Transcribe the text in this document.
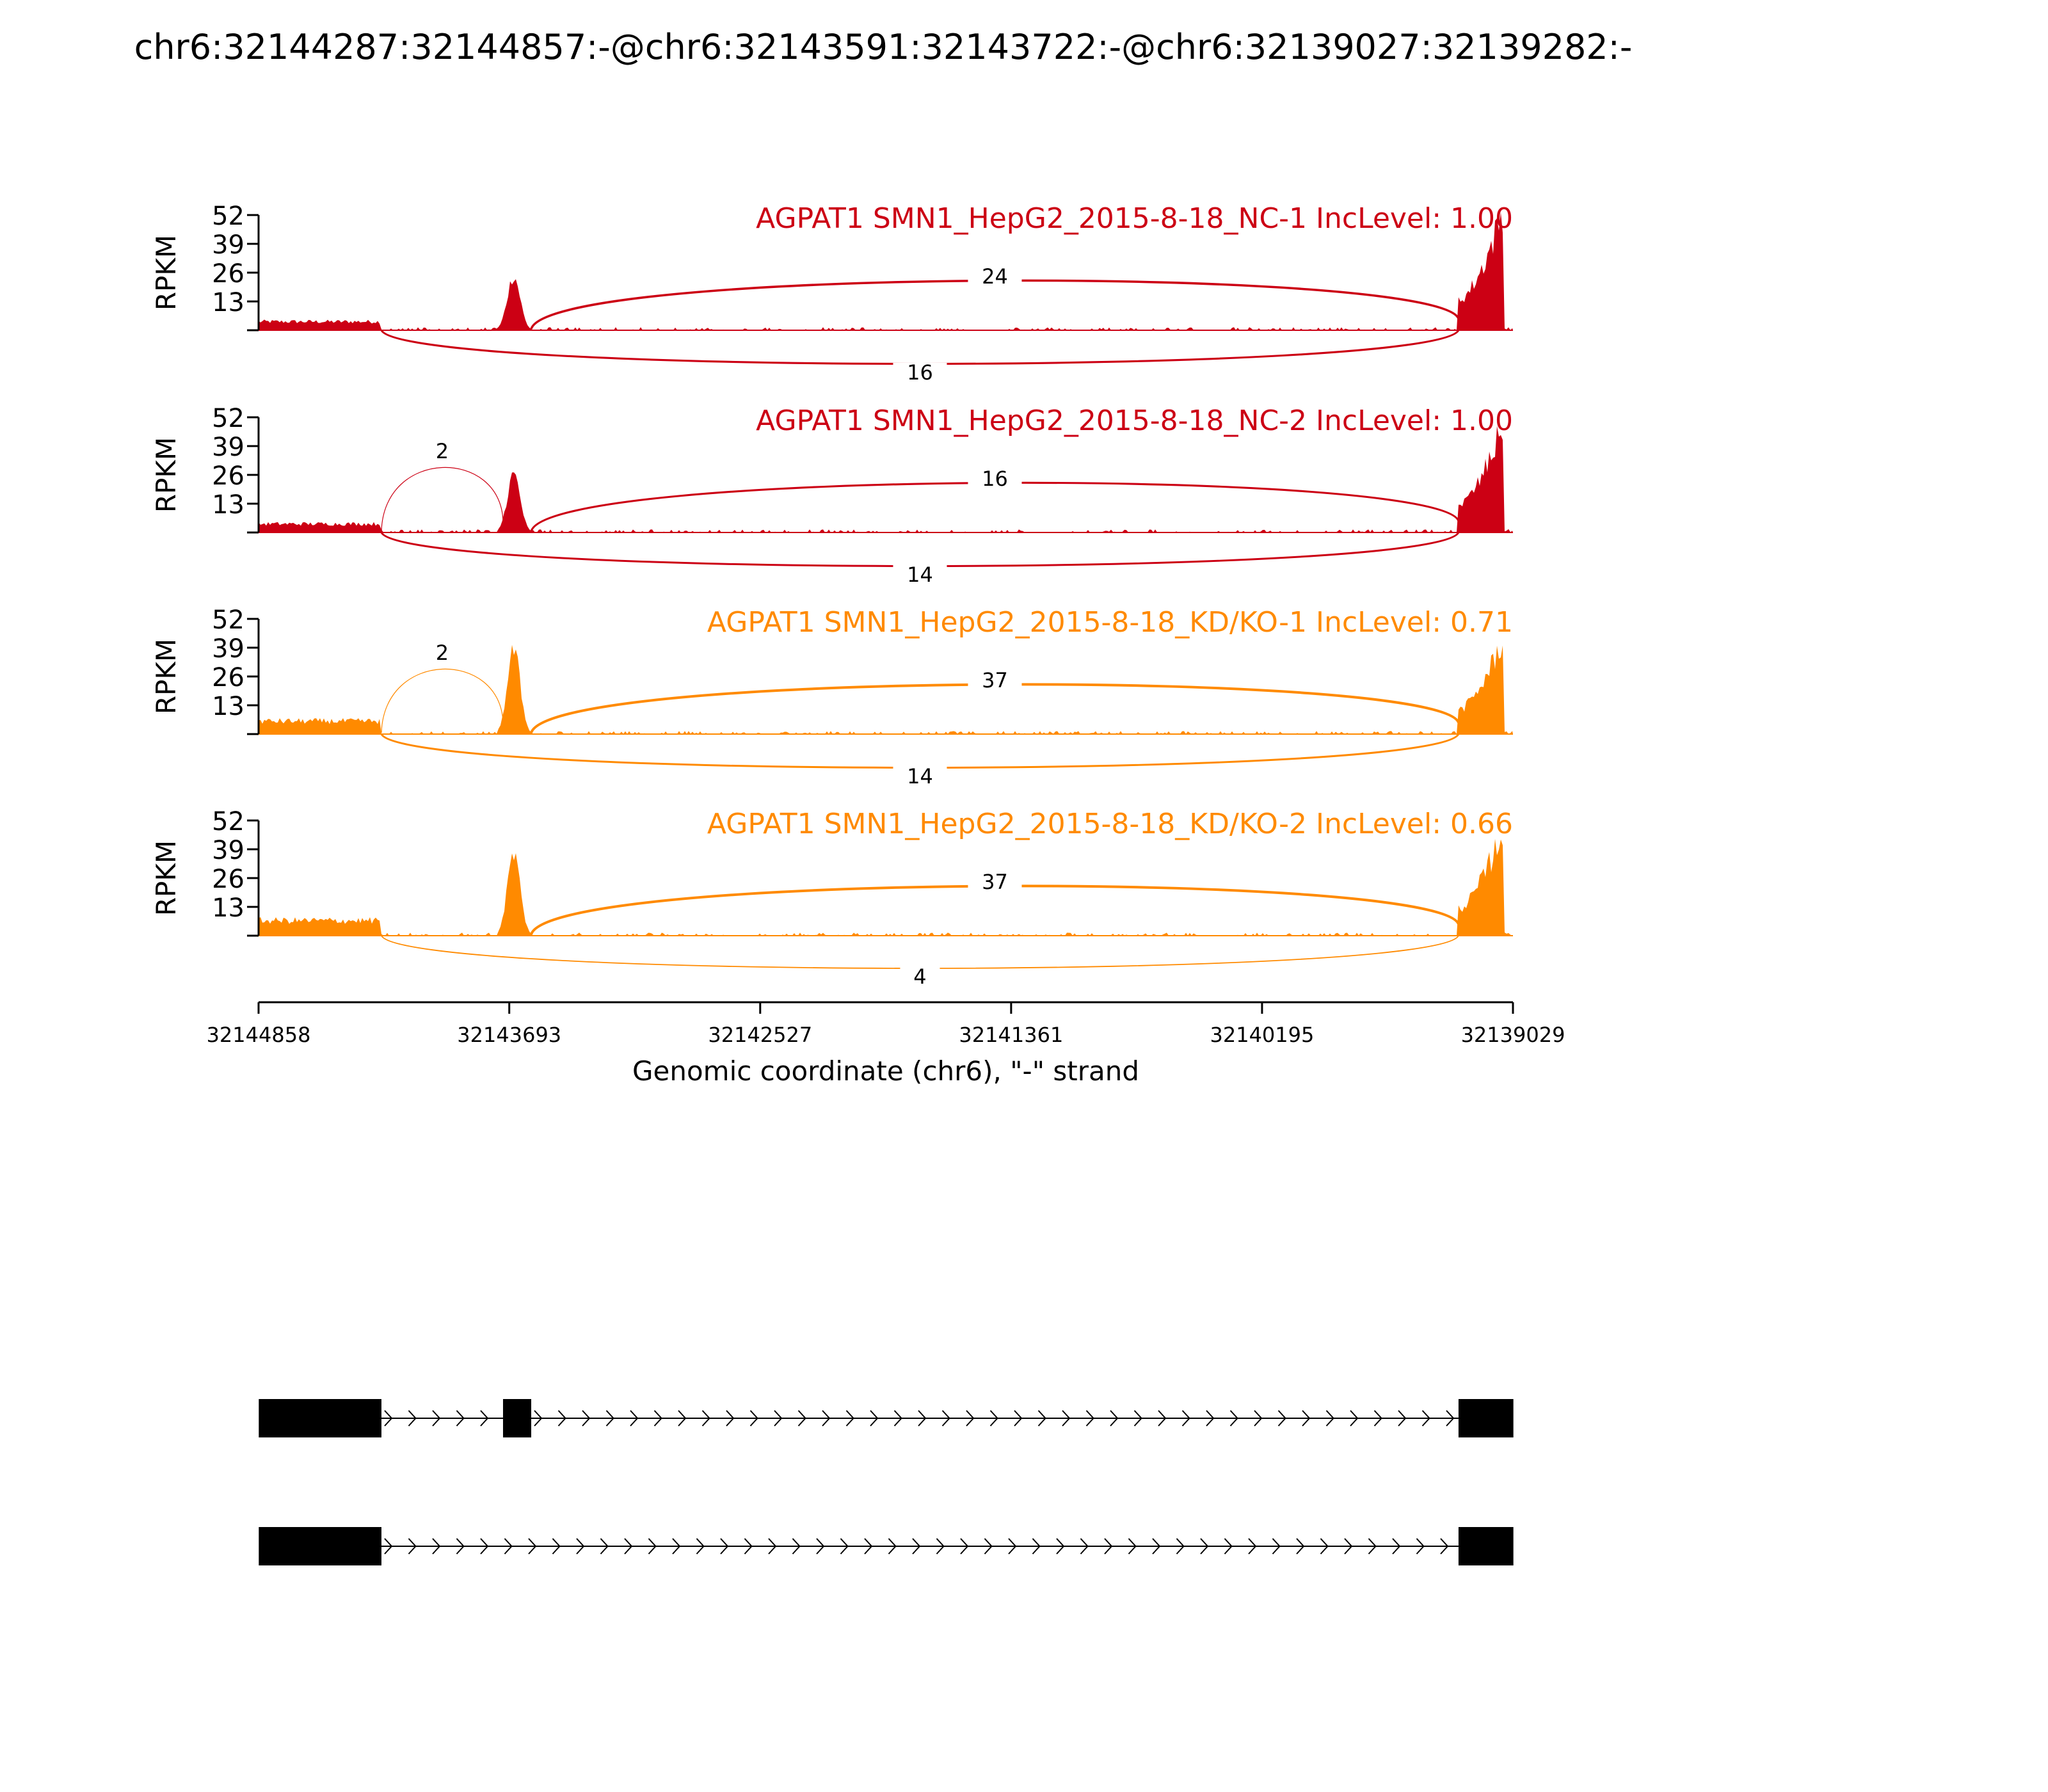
chr6:32144287:32144857:-@chr6:32143591:32143722:-@chr6:32139027:32139282:-
13
26
39
52
RPKM
AGPAT1 SMN1_HepG2_2015-8-18_NC-1 IncLevel: 1.00
24
16
13
26
39
52
RPKM
AGPAT1 SMN1_HepG2_2015-8-18_NC-2 IncLevel: 1.00
2
16
14
13
26
39
52
RPKM
AGPAT1 SMN1_HepG2_2015-8-18_KD/KO-1 IncLevel: 0.71
2
37
14
13
26
39
52
RPKM
AGPAT1 SMN1_HepG2_2015-8-18_KD/KO-2 IncLevel: 0.66
37
4
32144858	32143693	32142527	32141361	32140195	32139029
Genomic coordinate (chr6), "-" strand
